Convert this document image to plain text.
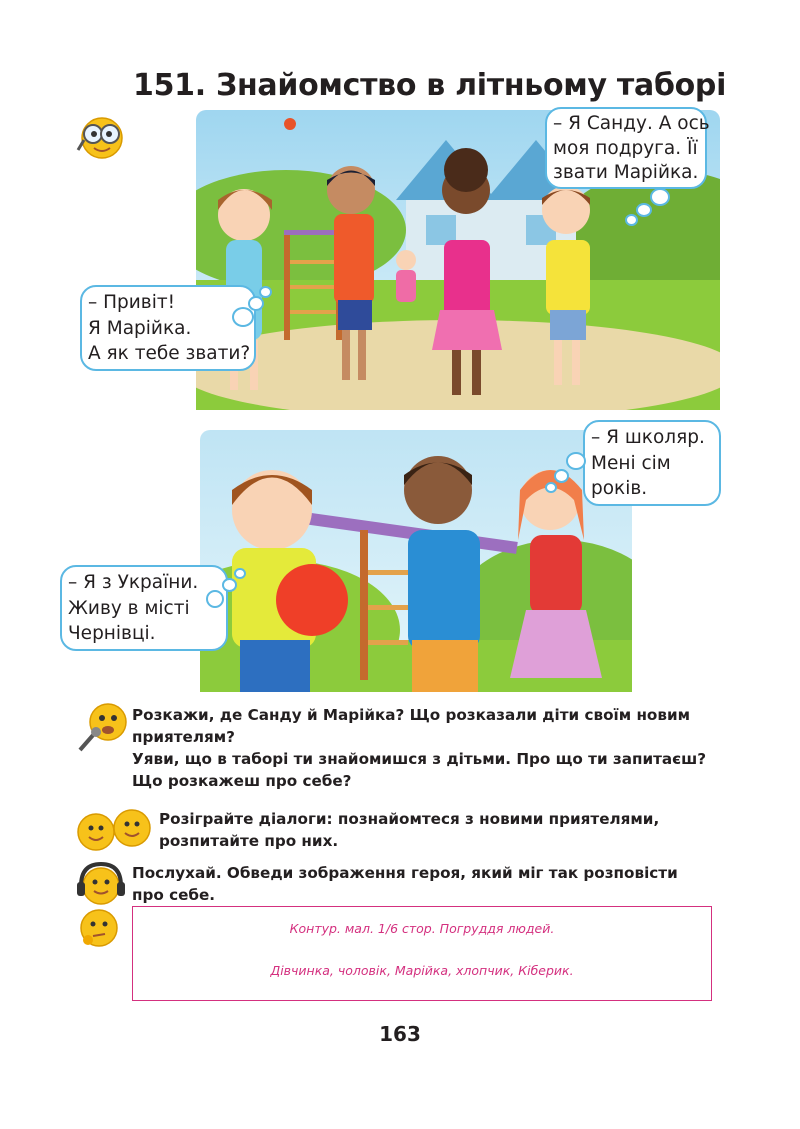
151. Знайомство в літньому таборі
– Я Санду. А ось
моя подруга. Її
звати Марійка.
– Привіт!
Я Марійка.
А як тебе звати?
– Я школяр.
Мені сім
років.
– Я з України.
Живу в місті
Чернівці.
Розкажи, де Санду й Марійка? Що розказали діти своїм новим
приятелям?
Уяви, що в таборі ти знайомишся з дітьми. Про що ти запитаєш?
Що розкажеш про себе?
Розіграйте діалоги: познайомтеся з новими приятелями,
розпитайте про них.
Послухай. Обведи зображення героя, який міг так розповісти
про себе.
Контур. мал. 1/6 стор. Погруддя людей.
Дівчинка, чоловік, Марійка, хлопчик, Кіберик.
163
